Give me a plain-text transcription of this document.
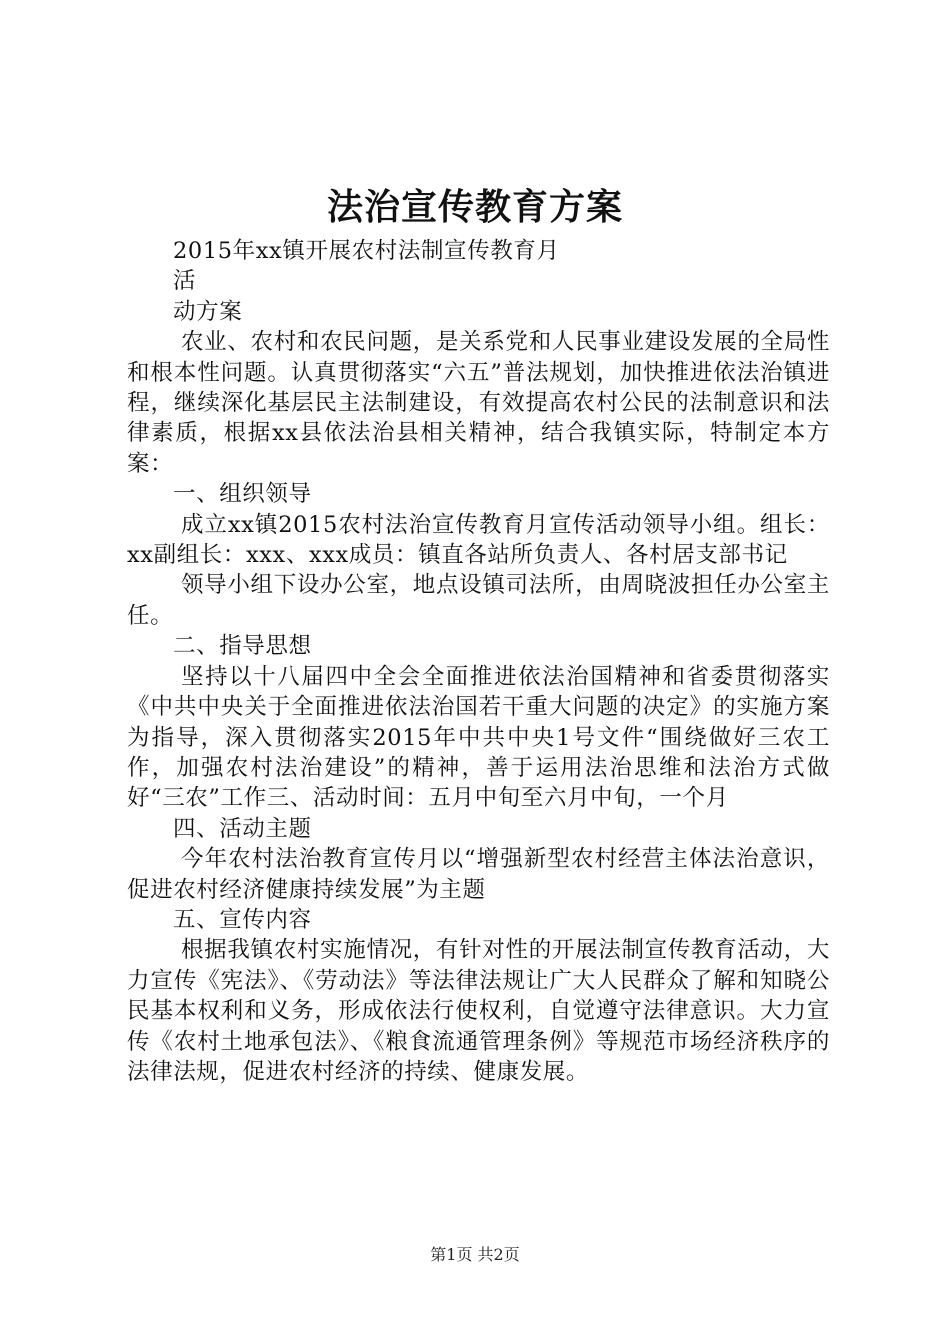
法治宣传教育方案

2015年xx镇开展农村法制宣传教育月

活

动方案

农业、农村和农民问题，是关系党和人民事业建设发展的全局性和根本性问题。认真贯彻落实“六五”普法规划，加快推进依法治镇进程，继续深化基层民主法制建设，有效提高农村公民的法制意识和法律素质，根据xx县依法治县相关精神，结合我镇实际，特制定本方案：

一、组织领导

成立xx镇2015农村法治宣传教育月宣传活动领导小组。组长：xx副组长：xxx、xxx成员：镇直各站所负责人、各村居支部书记

领导小组下设办公室，地点设镇司法所，由周晓波担任办公室主任。

二、指导思想

坚持以十八届四中全会全面推进依法治国精神和省委贯彻落实《中共中央关于全面推进依法治国若干重大问题的决定》的实施方案为指导，深入贯彻落实2015年中共中央1号文件“围绕做好三农工作，加强农村法治建设”的精神，善于运用法治思维和法治方式做好“三农”工作三、活动时间：五月中旬至六月中旬，一个月

四、活动主题

今年农村法治教育宣传月以“增强新型农村经营主体法治意识，促进农村经济健康持续发展”为主题

五、宣传内容

根据我镇农村实施情况，有针对性的开展法制宣传教育活动，大力宣传《宪法》、《劳动法》等法律法规让广大人民群众了解和知晓公民基本权利和义务，形成依法行使权利，自觉遵守法律意识。大力宣传《农村土地承包法》、《粮食流通管理条例》等规范市场经济秩序的法律法规，促进农村经济的持续、健康发展。

第1页 共2页
